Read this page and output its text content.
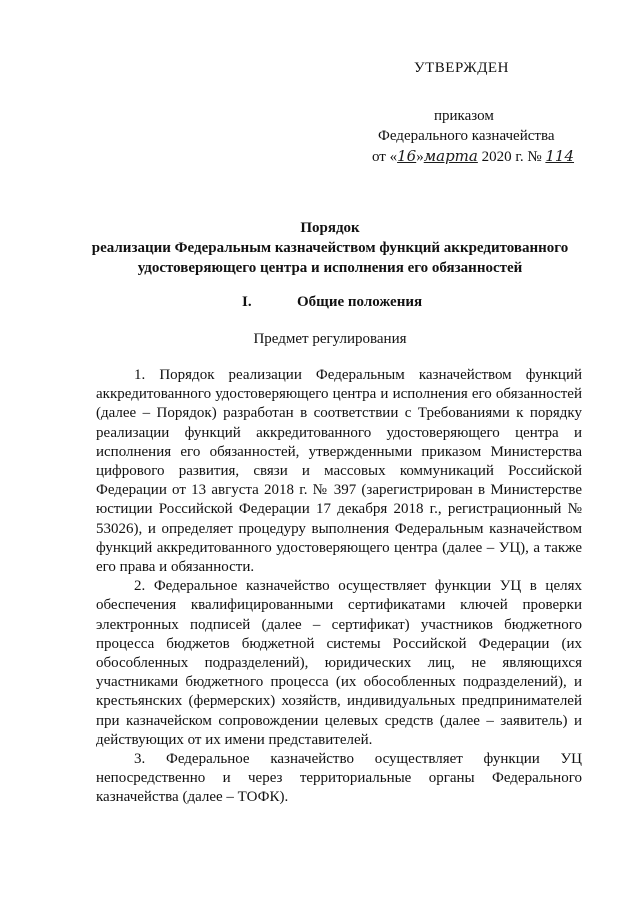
УТВЕРЖДЕН
приказом
Федерального казначейства
от «16»марта 2020 г. № 114
Порядок
реализации Федеральным казначейством функций аккредитованного
удостоверяющего центра и исполнения его обязанностей
I.	Общие положения
Предмет регулирования

1. Порядок реализации Федеральным казначейством функций аккредитованного удостоверяющего центра и исполнения его обязанностей (далее – Порядок) разработан в соответствии с Требованиями к порядку реализации функций аккредитованного удостоверяющего центра и исполнения его обязанностей, утвержденными приказом Министерства цифрового развития, связи и массовых коммуникаций Российской Федерации от 13 августа 2018 г. № 397 (зарегистрирован в Министерстве юстиции Российской Федерации 17 декабря 2018 г., регистрационный № 53026), и определяет процедуру выполнения Федеральным казначейством функций аккредитованного удостоверяющего центра (далее – УЦ), а также его права и обязанности.

2. Федеральное казначейство осуществляет функции УЦ в целях обеспечения квалифицированными сертификатами ключей проверки электронных подписей (далее – сертификат) участников бюджетного процесса бюджетов бюджетной системы Российской Федерации (их обособленных подразделений), юридических лиц, не являющихся участниками бюджетного процесса (их обособленных подразделений), и крестьянских (фермерских) хозяйств, индивидуальных предпринимателей при казначейском сопровождении целевых средств (далее – заявитель) и действующих от их имени представителей.

3. Федеральное казначейство осуществляет функции УЦ непосредственно и через территориальные органы Федерального казначейства (далее – ТОФК).
